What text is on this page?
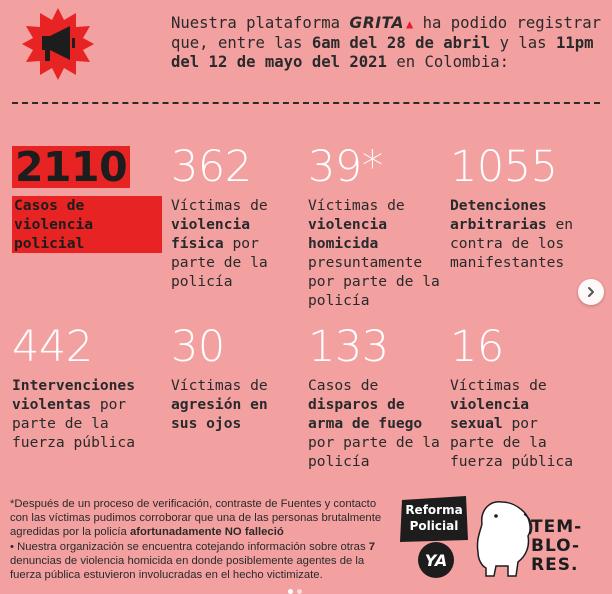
Nuestra plataforma GRITA ▲ ha podido registrar que, entre las 6am del 28 de abril y las 11pm del 12 de mayo del 2021 en Colombia:

2110
Casos de violencia policial
362
Víctimas de violencia física por parte de la policía
39*
Víctimas de violencia homicida presuntamente por parte de la policía
1055
Detenciones arbitrarias en contra de los manifestantes
442
Intervenciones violentas por parte de la fuerza pública
30
Víctimas de agresión en sus ojos
133
Casos de disparos de arma de fuego por parte de la policía
16
Víctimas de violencia sexual por parte de la fuerza pública

*Después de un proceso de verificación, contraste de Fuentes y contacto con las víctimas pudimos corroborar que una de las personas brutalmente agredidas por la policía afortunadamente NO falleció

• Nuestra organización se encuentra cotejando información sobre otras 7 denuncias de violencia homicida en donde posiblemente agentes de la fuerza pública estuvieron involucradas en el hecho victimizate.

Reforma
Policial
YA

TEM-
BLO-
RES.
